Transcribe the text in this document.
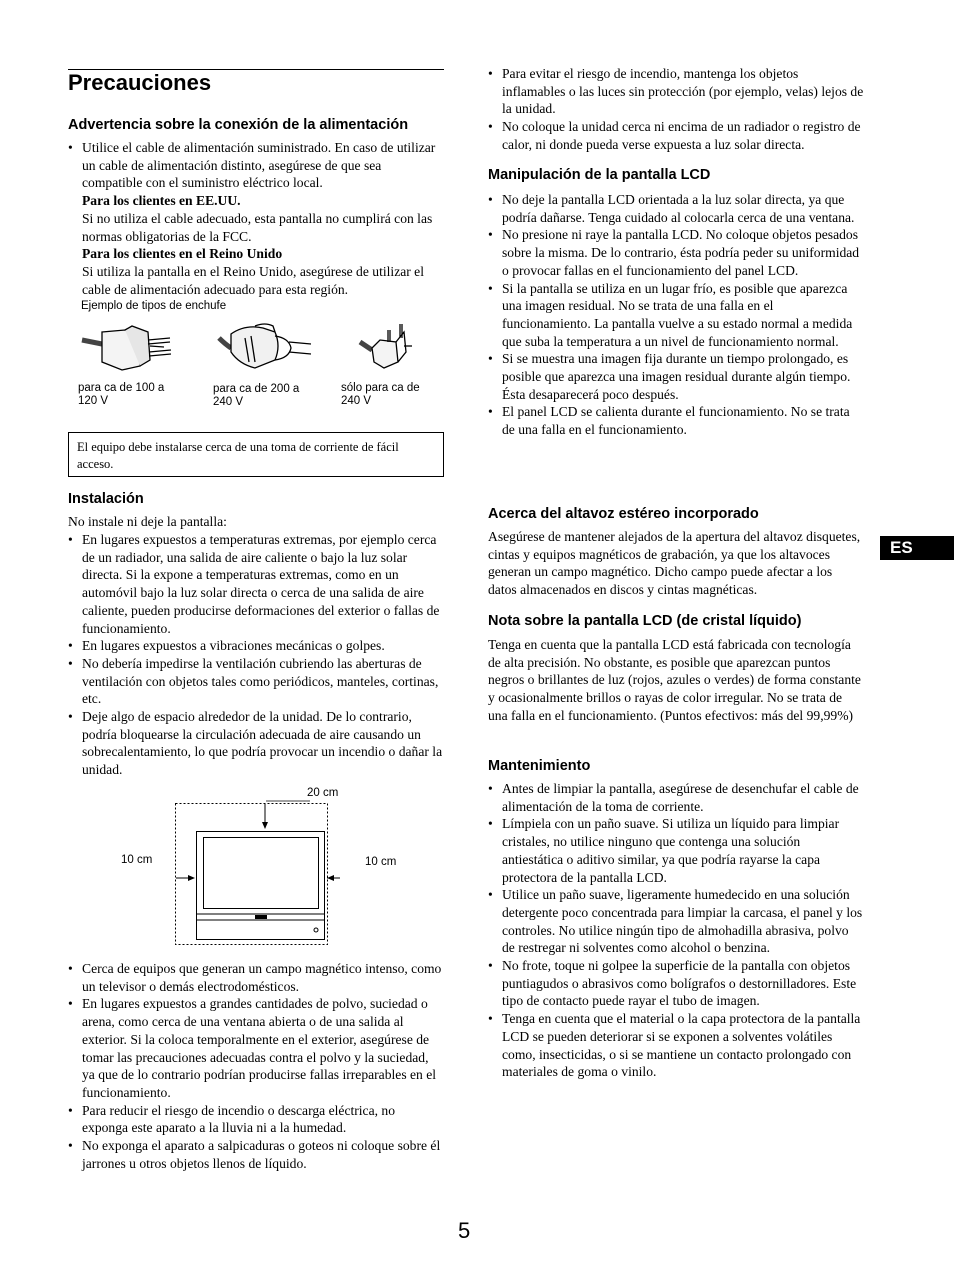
Precauciones
Advertencia sobre la conexión de la alimentación
• Utilice el cable de alimentación suministrado. En caso de utilizar un cable de alimentación distinto, asegúrese de que sea compatible con el suministro eléctrico local.
Para los clientes en EE.UU.
Si no utiliza el cable adecuado, esta pantalla no cumplirá con las normas obligatorias de la FCC.
Para los clientes en el Reino Unido
Si utiliza la pantalla en el Reino Unido, asegúrese de utilizar el cable de alimentación adecuado para esta región.
Ejemplo de tipos de enchufe
para ca de 100 a
120 V
para ca de 200 a
240 V
sólo para ca de
240 V
El equipo debe instalarse cerca de una toma de corriente de fácil acceso.
Instalación
No instale ni deje la pantalla:
• En lugares expuestos a temperaturas extremas, por ejemplo cerca de un radiador, una salida de aire caliente o bajo la luz solar directa. Si la expone a temperaturas extremas, como en un automóvil bajo la luz solar directa o cerca de una salida de aire caliente, pueden producirse deformaciones del exterior o fallas de funcionamiento.
• En lugares expuestos a vibraciones mecánicas o golpes.
• No debería impedirse la ventilación cubriendo las aberturas de ventilación con objetos tales como periódicos, manteles, cortinas, etc.
• Deje algo de espacio alrededor de la unidad. De lo contrario, podría bloquearse la circulación adecuada de aire causando un sobrecalentamiento, lo que podría provocar un incendio o dañar la unidad.
20 cm
10 cm	10 cm
• Cerca de equipos que generan un campo magnético intenso, como un televisor o demás electrodomésticos.
• En lugares expuestos a grandes cantidades de polvo, suciedad o arena, como cerca de una ventana abierta o de una salida al exterior. Si la coloca temporalmente en el exterior, asegúrese de tomar las precauciones adecuadas contra el polvo y la suciedad, ya que de lo contrario podrían producirse fallas irreparables en el funcionamiento.
• Para reducir el riesgo de incendio o descarga eléctrica, no exponga este aparato a la lluvia ni a la humedad.
• No exponga el aparato a salpicaduras o goteos ni coloque sobre él jarrones u otros objetos llenos de líquido.
• Para evitar el riesgo de incendio, mantenga los objetos inflamables o las luces sin protección (por ejemplo, velas) lejos de la unidad.
• No coloque la unidad cerca ni encima de un radiador o registro de calor, ni donde pueda verse expuesta a luz solar directa.
Manipulación de la pantalla LCD
• No deje la pantalla LCD orientada a la luz solar directa, ya que podría dañarse. Tenga cuidado al colocarla cerca de una ventana.
• No presione ni raye la pantalla LCD. No coloque objetos pesados sobre la misma. De lo contrario, ésta podría peder su uniformidad o provocar fallas en el funcionamiento del panel LCD.
• Si la pantalla se utiliza en un lugar frío, es posible que aparezca una imagen residual. No se trata de una falla en el funcionamiento. La pantalla vuelve a su estado normal a medida que suba la temperatura a un nivel de funcionamiento normal.
• Si se muestra una imagen fija durante un tiempo prolongado, es posible que aparezca una imagen residual durante algún tiempo. Ésta desaparecerá poco después.
• El panel LCD se calienta durante el funcionamiento. No se trata de una falla en el funcionamiento.
Acerca del altavoz estéreo incorporado
Asegúrese de mantener alejados de la apertura del altavoz disquetes, cintas y equipos magnéticos de grabación, ya que los altavoces generan un campo magnético. Dicho campo puede afectar a los datos almacenados en discos y cintas magnéticas.
Nota sobre la pantalla LCD (de cristal líquido)
Tenga en cuenta que la pantalla LCD está fabricada con tecnología de alta precisión. No obstante, es posible que aparezcan puntos negros o brillantes de luz (rojos, azules o verdes) de forma constante y ocasionalmente brillos o rayas de color irregular. No se trata de una falla en el funcionamiento. (Puntos efectivos: más del 99,99%)
Mantenimiento
• Antes de limpiar la pantalla, asegúrese de desenchufar el cable de alimentación de la toma de corriente.
• Límpiela con un paño suave. Si utiliza un líquido para limpiar cristales, no utilice ninguno que contenga una solución antiestática o aditivo similar, ya que podría rayarse la capa protectora de la pantalla LCD.
• Utilice un paño suave, ligeramente humedecido en una solución detergente poco concentrada para limpiar la carcasa, el panel y los controles. No utilice ningún tipo de almohadilla abrasiva, polvo de restregar ni solventes como alcohol o benzina.
• No frote, toque ni golpee la superficie de la pantalla con objetos puntiagudos o abrasivos como bolígrafos o destornilladores. Este tipo de contacto puede rayar el tubo de imagen.
• Tenga en cuenta que el material o la capa protectora de la pantalla LCD se pueden deteriorar si se exponen a solventes volátiles como, insecticidas, o si se mantiene un contacto prolongado con materiales de goma o vinilo.
ES
5
